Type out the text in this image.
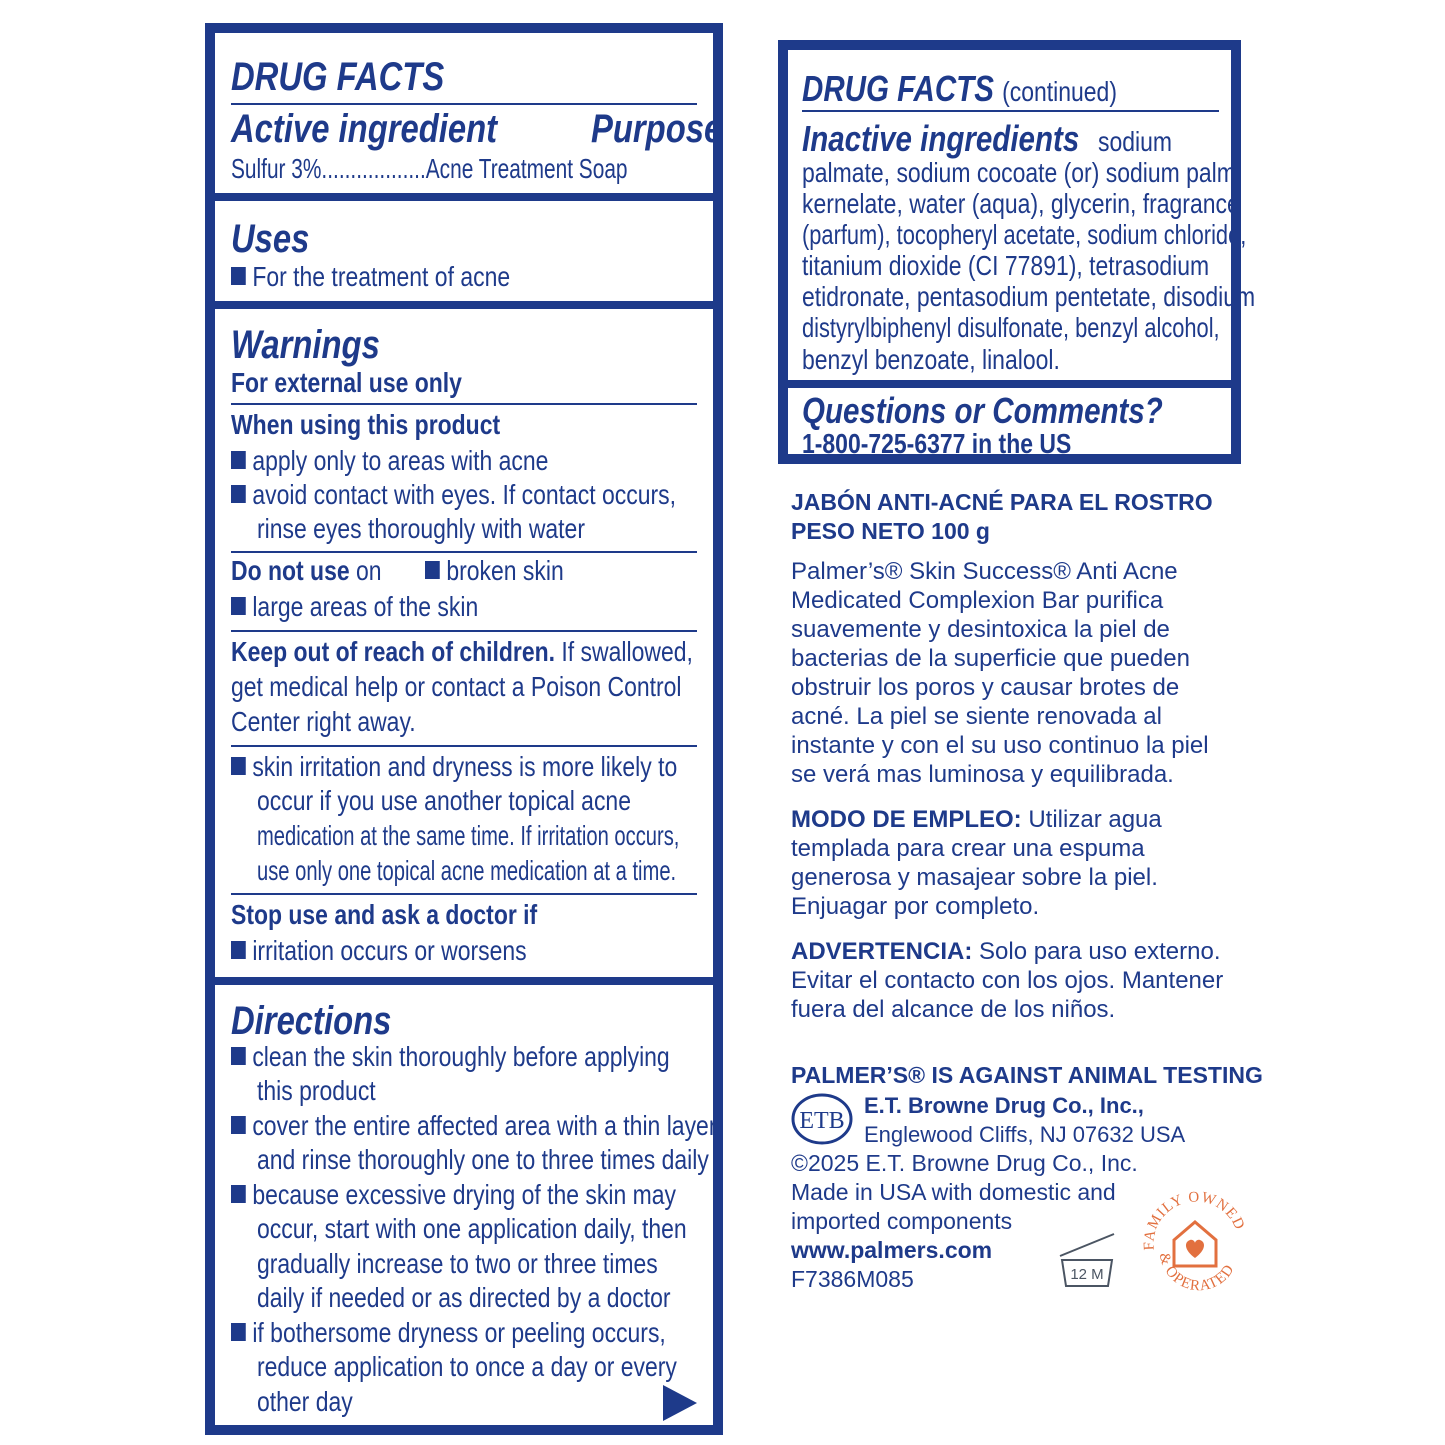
DRUG FACTS
Active ingredient Purpose
Sulfur 3%..................Acne Treatment Soap
Uses
For the treatment of acne
Warnings
For external use only
When using this product
apply only to areas with acne
avoid contact with eyes. If contact occurs,
rinse eyes thoroughly with water
Do not use on	broken skin
large areas of the skin
Keep out of reach of children. If swallowed,
get medical help or contact a Poison Control
Center right away.
skin irritation and dryness is more likely to
occur if you use another topical acne
medication at the same time. If irritation occurs,
use only one topical acne medication at a time.
Stop use and ask a doctor if
irritation occurs or worsens
Directions
clean the skin thoroughly before applying
this product
cover the entire affected area with a thin layer
and rinse thoroughly one to three times daily
because excessive drying of the skin may
occur, start with one application daily, then
gradually increase to two or three times
daily if needed or as directed by a doctor
if bothersome dryness or peeling occurs,
reduce application to once a day or every
other day
DRUG FACTS (continued)
Inactive ingredients sodium
palmate, sodium cocoate (or) sodium palm
kernelate, water (aqua), glycerin, fragrance
(parfum), tocopheryl acetate, sodium chloride,
titanium dioxide (CI 77891), tetrasodium
etidronate, pentasodium pentetate, disodium
distyrylbiphenyl disulfonate, benzyl alcohol,
benzyl benzoate, linalool.
Questions or Comments?
1-800-725-6377 in the US
JABÓN ANTI-ACNÉ PARA EL ROSTRO
PESO NETO 100 g
Palmer’s® Skin Success® Anti Acne
Medicated Complexion Bar purifica
suavemente y desintoxica la piel de
bacterias de la superficie que pueden
obstruir los poros y causar brotes de
acné. La piel se siente renovada al
instante y con el su uso continuo la piel
se verá mas luminosa y equilibrada.
MODO DE EMPLEO: Utilizar agua
templada para crear una espuma
generosa y masajear sobre la piel.
Enjuagar por completo.
ADVERTENCIA: Solo para uso externo.
Evitar el contacto con los ojos. Mantener
fuera del alcance de los niños.
PALMER’S® IS AGAINST ANIMAL TESTING
ETB
E.T. Browne Drug Co., Inc.,
Englewood Cliffs, NJ 07632 USA
©2025 E.T. Browne Drug Co., Inc.
Made in USA with domestic and
imported components
www.palmers.com
F7386M085	12 M
FAMILY OWNED
& OPERATED
